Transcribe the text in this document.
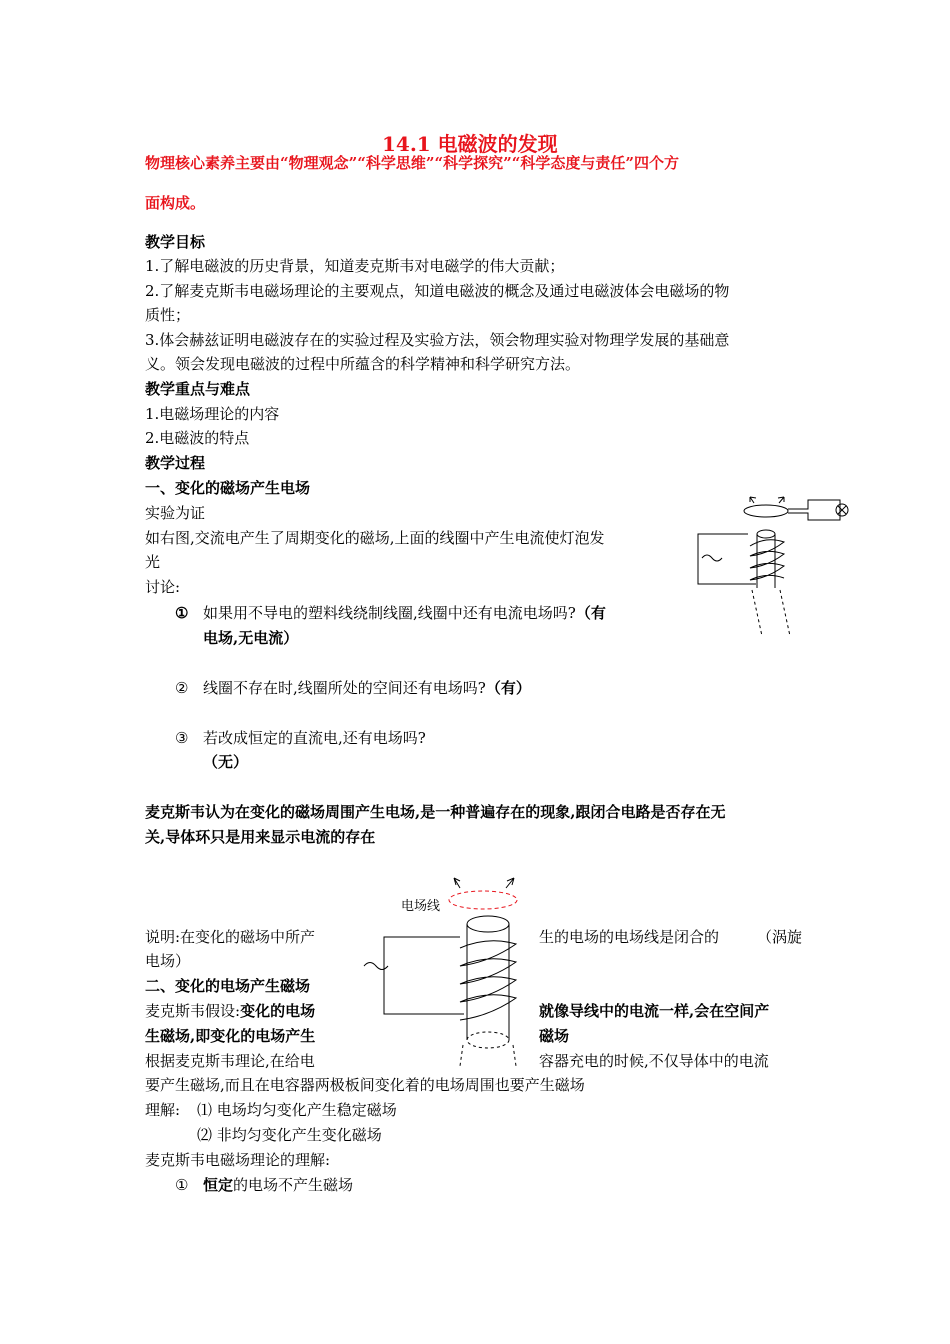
14.1 电磁波的发现
物理核心素养主要由“物理观念”“科学思维”“科学探究”“科学态度与责任”四个方
面构成。
教学目标
1.了解电磁波的历史背景，知道麦克斯韦对电磁学的伟大贡献；
2.了解麦克斯韦电磁场理论的主要观点，知道电磁波的概念及通过电磁波体会电磁场的物
质性；
3.体会赫兹证明电磁波存在的实验过程及实验方法，领会物理实验对物理学发展的基础意
义。领会发现电磁波的过程中所蕴含的科学精神和科学研究方法。
教学重点与难点
1.电磁场理论的内容
2.电磁波的特点
教学过程
一、变化的磁场产生电场
实验为证
如右图,交流电产生了周期变化的磁场,上面的线圈中产生电流使灯泡发
光
讨论:
① 如果用不导电的塑料线绕制线圈,线圈中还有电流电场吗?（有
电场,无电流）
② 线圈不存在时,线圈所处的空间还有电场吗?（有）
③ 若改成恒定的直流电,还有电场吗?
（无）
麦克斯韦认为在变化的磁场周围产生电场,是一种普遍存在的现象,跟闭合电路是否存在无
关,导体环只是用来显示电流的存在
电场线
说明:在变化的磁场中所产	生的电场的电场线是闭合的	（涡旋
电场）
二、变化的电场产生磁场
麦克斯韦假设:变化的电场	就像导线中的电流一样,会在空间产
生磁场,即变化的电场产生	磁场
根据麦克斯韦理论,在给电	容器充电的时候,不仅导体中的电流
要产生磁场,而且在电容器两极板间变化着的电场周围也要产生磁场
理解: ⑴ 电场均匀变化产生稳定磁场
⑵ 非均匀变化产生变化磁场
麦克斯韦电磁场理论的理解:
① 恒定的电场不产生磁场
